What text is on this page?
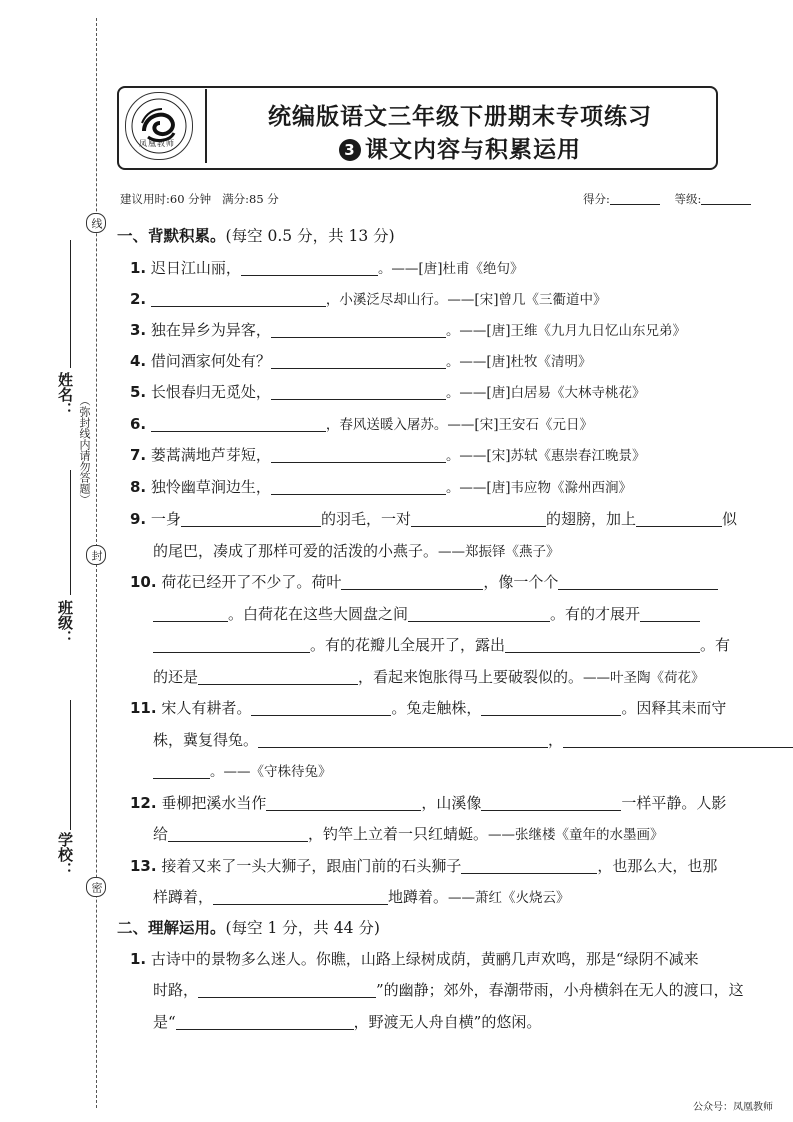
线
封
密
姓名：
班级：
学校：
（弥封线内请勿答题）
凤凰教师
统编版语文三年级下册期末专项练习
3 课文内容与积累运用
建议用时:60 分钟 满分:85 分	得分:	等级:
一、背默积累。(每空 0.5 分，共 13 分)
1. 迟日江山丽，	。——[唐]杜甫《绝句》
2.	，小溪泛尽却山行。——[宋]曾几《三衢道中》
3. 独在异乡为异客，	。——[唐]王维《九月九日忆山东兄弟》
4. 借问酒家何处有？	。——[唐]杜牧《清明》
5. 长恨春归无觅处，	。——[唐]白居易《大林寺桃花》
6.	，春风送暖入屠苏。——[宋]王安石《元日》
7. 蒌蒿满地芦芽短，	。——[宋]苏轼《惠崇春江晚景》
8. 独怜幽草涧边生，	。——[唐]韦应物《滁州西涧》
9. 一身	的羽毛，一对	的翅膀，加上	似
的尾巴，凑成了那样可爱的活泼的小燕子。——郑振铎《燕子》
10. 荷花已经开了不少了。荷叶	，像一个个
。白荷花在这些大圆盘之间	。有的才展开
。有的花瓣儿全展开了，露出	。有
的还是	，看起来饱胀得马上要破裂似的。——叶圣陶《荷花》
11. 宋人有耕者。	。兔走触株，	。因释其耒而守
株，冀复得兔。	，
。——《守株待兔》
12. 垂柳把溪水当作	，山溪像	一样平静。人影
给	，钓竿上立着一只红蜻蜓。——张继楼《童年的水墨画》
13. 接着又来了一头大狮子，跟庙门前的石头狮子	，也那么大，也那
样蹲着，	地蹲着。——萧红《火烧云》
二、理解运用。(每空 1 分，共 44 分)
1. 古诗中的景物多么迷人。你瞧，山路上绿树成荫，黄鹂几声欢鸣，那是“绿阴不减来
时路，	”的幽静；郊外，春潮带雨，小舟横斜在无人的渡口，这
是“	，野渡无人舟自横”的悠闲。
公众号：凤凰教师
